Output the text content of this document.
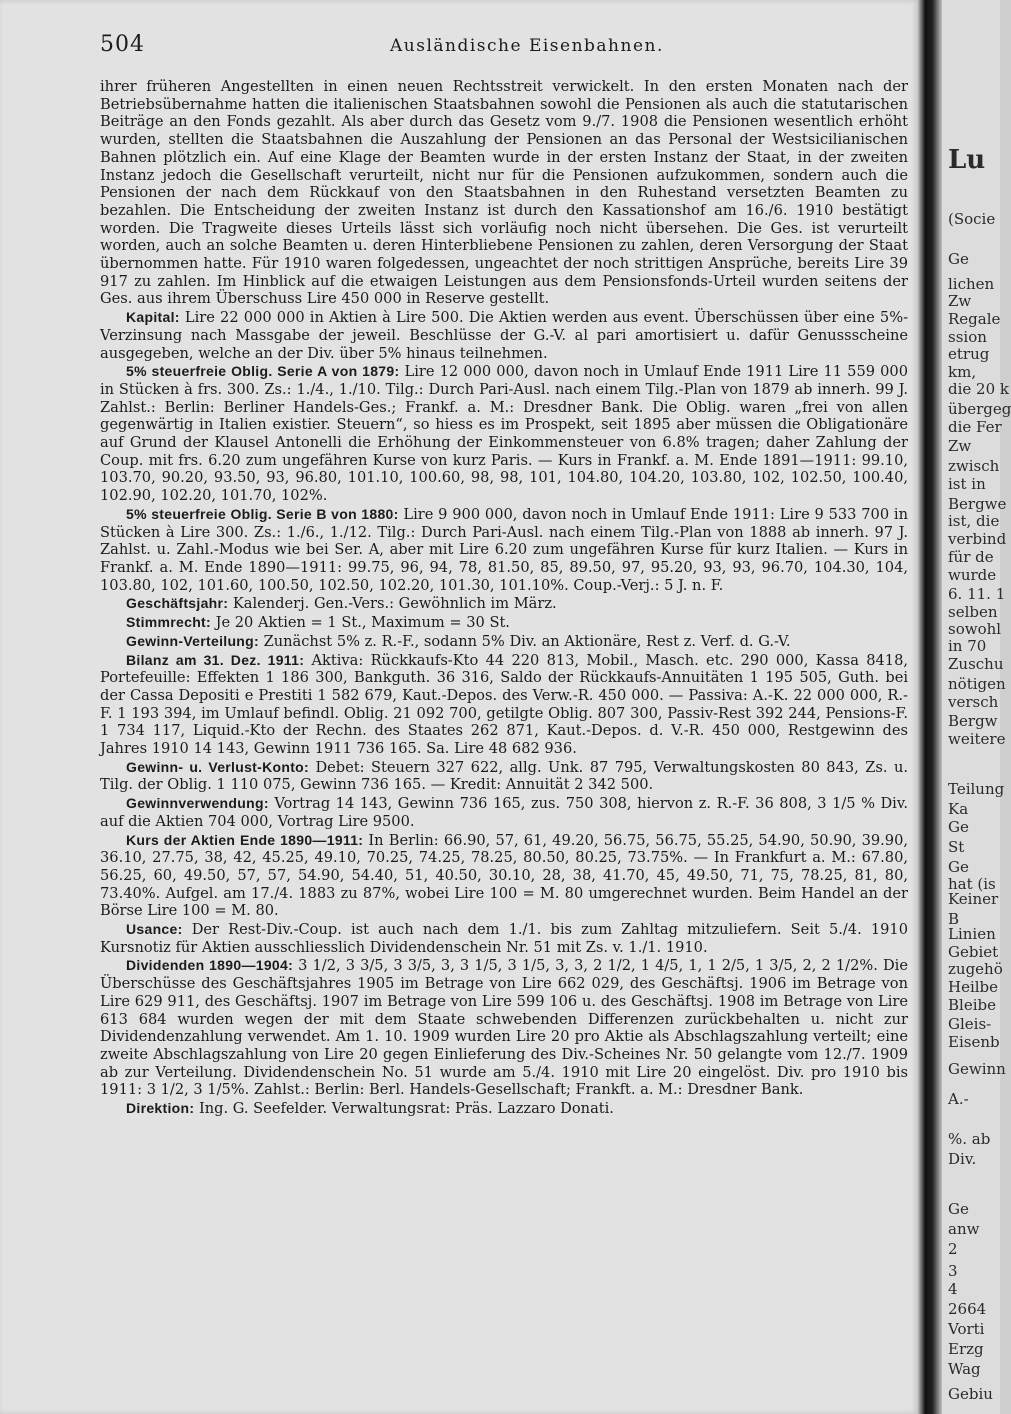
504	Ausländische Eisenbahnen.

ihrer früheren Angestellten in einen neuen Rechtsstreit verwickelt. In den ersten Monaten nach der Betriebsübernahme hatten die italienischen Staatsbahnen sowohl die Pensionen als auch die statutarischen Beiträge an den Fonds gezahlt. Als aber durch das Gesetz vom 9./7. 1908 die Pensionen wesentlich erhöht wurden, stellten die Staatsbahnen die Auszahlung der Pensionen an das Personal der Westsicilianischen Bahnen plötzlich ein. Auf eine Klage der Beamten wurde in der ersten Instanz der Staat, in der zweiten Instanz jedoch die Gesellschaft verurteilt, nicht nur für die Pensionen aufzukommen, sondern auch die Pensionen der nach dem Rückkauf von den Staatsbahnen in den Ruhestand versetzten Beamten zu bezahlen. Die Entscheidung der zweiten Instanz ist durch den Kassationshof am 16./6. 1910 bestätigt worden. Die Tragweite dieses Urteils lässt sich vorläufig noch nicht übersehen. Die Ges. ist verurteilt worden, auch an solche Beamten u. deren Hinterbliebene Pensionen zu zahlen, deren Versorgung der Staat übernommen hatte. Für 1910 waren folgedessen, ungeachtet der noch strittigen Ansprüche, bereits Lire 39 917 zu zahlen. Im Hinblick auf die etwaigen Leistungen aus dem Pensionsfonds-Urteil wurden seitens der Ges. aus ihrem Überschuss Lire 450 000 in Reserve gestellt.

Kapital: Lire 22 000 000 in Aktien à Lire 500. Die Aktien werden aus event. Überschüssen über eine 5%-Verzinsung nach Massgabe der jeweil. Beschlüsse der G.-V. al pari amortisiert u. dafür Genussscheine ausgegeben, welche an der Div. über 5% hinaus teilnehmen.

5% steuerfreie Oblig. Serie A von 1879: Lire 12 000 000, davon noch in Umlauf Ende 1911 Lire 11 559 000 in Stücken à frs. 300. Zs.: 1./4., 1./10. Tilg.: Durch Pari-Ausl. nach einem Tilg.-Plan von 1879 ab innerh. 99 J. Zahlst.: Berlin: Berliner Handels-Ges.; Frankf. a. M.: Dresdner Bank. Die Oblig. waren „frei von allen gegenwärtig in Italien existier. Steuern“, so hiess es im Prospekt, seit 1895 aber müssen die Obligationäre auf Grund der Klausel Antonelli die Erhöhung der Einkommensteuer von 6.8% tragen; daher Zahlung der Coup. mit frs. 6.20 zum ungefähren Kurse von kurz Paris. — Kurs in Frankf. a. M. Ende 1891—1911: 99.10, 103.70, 90.20, 93.50, 93, 96.80, 101.10, 100.60, 98, 98, 101, 104.80, 104.20, 103.80, 102, 102.50, 100.40, 102.90, 102.20, 101.70, 102%.

5% steuerfreie Oblig. Serie B von 1880: Lire 9 900 000, davon noch in Umlauf Ende 1911: Lire 9 533 700 in Stücken à Lire 300. Zs.: 1./6., 1./12. Tilg.: Durch Pari-Ausl. nach einem Tilg.-Plan von 1888 ab innerh. 97 J. Zahlst. u. Zahl.-Modus wie bei Ser. A, aber mit Lire 6.20 zum ungefähren Kurse für kurz Italien. — Kurs in Frankf. a. M. Ende 1890—1911: 99.75, 96, 94, 78, 81.50, 85, 89.50, 97, 95.20, 93, 93, 96.70, 104.30, 104, 103.80, 102, 101.60, 100.50, 102.50, 102.20, 101.30, 101.10%. Coup.-Verj.: 5 J. n. F.

Geschäftsjahr: Kalenderj. Gen.-Vers.: Gewöhnlich im März.

Stimmrecht: Je 20 Aktien = 1 St., Maximum = 30 St.

Gewinn-Verteilung: Zunächst 5% z. R.-F., sodann 5% Div. an Aktionäre, Rest z. Verf. d. G.-V.

Bilanz am 31. Dez. 1911: Aktiva: Rückkaufs-Kto 44 220 813, Mobil., Masch. etc. 290 000, Kassa 8418, Portefeuille: Effekten 1 186 300, Bankguth. 36 316, Saldo der Rückkaufs-Annuitäten 1 195 505, Guth. bei der Cassa Depositi e Prestiti 1 582 679, Kaut.-Depos. des Verw.-R. 450 000. — Passiva: A.-K. 22 000 000, R.-F. 1 193 394, im Umlauf befindl. Oblig. 21 092 700, getilgte Oblig. 807 300, Passiv-Rest 392 244, Pensions-F. 1 734 117, Liquid.-Kto der Rechn. des Staates 262 871, Kaut.-Depos. d. V.-R. 450 000, Restgewinn des Jahres 1910 14 143, Gewinn 1911 736 165. Sa. Lire 48 682 936.

Gewinn- u. Verlust-Konto: Debet: Steuern 327 622, allg. Unk. 87 795, Verwaltungskosten 80 843, Zs. u. Tilg. der Oblig. 1 110 075, Gewinn 736 165. — Kredit: Annuität 2 342 500.

Gewinnverwendung: Vortrag 14 143, Gewinn 736 165, zus. 750 308, hiervon z. R.-F. 36 808, 3 1/5 % Div. auf die Aktien 704 000, Vortrag Lire 9500.

Kurs der Aktien Ende 1890—1911: In Berlin: 66.90, 57, 61, 49.20, 56.75, 56.75, 55.25, 54.90, 50.90, 39.90, 36.10, 27.75, 38, 42, 45.25, 49.10, 70.25, 74.25, 78.25, 80.50, 80.25, 73.75%. — In Frankfurt a. M.: 67.80, 56.25, 60, 49.50, 57, 57, 54.90, 54.40, 51, 40.50, 30.10, 28, 38, 41.70, 45, 49.50, 71, 75, 78.25, 81, 80, 73.40%. Aufgel. am 17./4. 1883 zu 87%, wobei Lire 100 = M. 80 umgerechnet wurden. Beim Handel an der Börse Lire 100 = M. 80.

Usance: Der Rest-Div.-Coup. ist auch nach dem 1./1. bis zum Zahltag mitzuliefern. Seit 5./4. 1910 Kursnotiz für Aktien ausschliesslich Dividendenschein Nr. 51 mit Zs. v. 1./1. 1910.

Dividenden 1890—1904: 3 1/2, 3 3/5, 3 3/5, 3, 3 1/5, 3 1/5, 3, 3, 2 1/2, 1 4/5, 1, 1 2/5, 1 3/5, 2, 2 1/2%. Die Überschüsse des Geschäftsjahres 1905 im Betrage von Lire 662 029, des Geschäftsj. 1906 im Betrage von Lire 629 911, des Geschäftsj. 1907 im Betrage von Lire 599 106 u. des Geschäftsj. 1908 im Betrage von Lire 613 684 wurden wegen der mit dem Staate schwebenden Differenzen zurückbehalten u. nicht zur Dividendenzahlung verwendet. Am 1. 10. 1909 wurden Lire 20 pro Aktie als Abschlagszahlung verteilt; eine zweite Abschlagszahlung von Lire 20 gegen Einlieferung des Div.-Scheines Nr. 50 gelangte vom 12./7. 1909 ab zur Verteilung. Dividendenschein No. 51 wurde am 5./4. 1910 mit Lire 20 eingelöst. Div. pro 1910 bis 1911: 3 1/2, 3 1/5%. Zahlst.: Berlin: Berl. Handels-Gesellschaft; Frankft. a. M.: Dresdner Bank.

Direktion: Ing. G. Seefelder. Verwaltungsrat: Präs. Lazzaro Donati.

Lu
(Socie
Ge
lichen
Zw
Regale
ssion
etrug
km,
die 20 k
übergeg
die Fer
Zw
zwisch
ist in
Bergwe
ist, die
verbind
für de
wurde
6. 11. 1
selben
sowohl
in 70
Zuschu
nötigen
versch
Bergw
weitere
Teilung
Ka
Ge
St
Ge
hat (is
Keiner
B
Linien
Gebiet
zugehö
Heilbe
Bleibe
Gleis-
Eisenb
Gewinn
A.-
%. ab
Div.
Ge
anw
2
3
4
2664
Vorti
Erzg
Wag
Gebiu
